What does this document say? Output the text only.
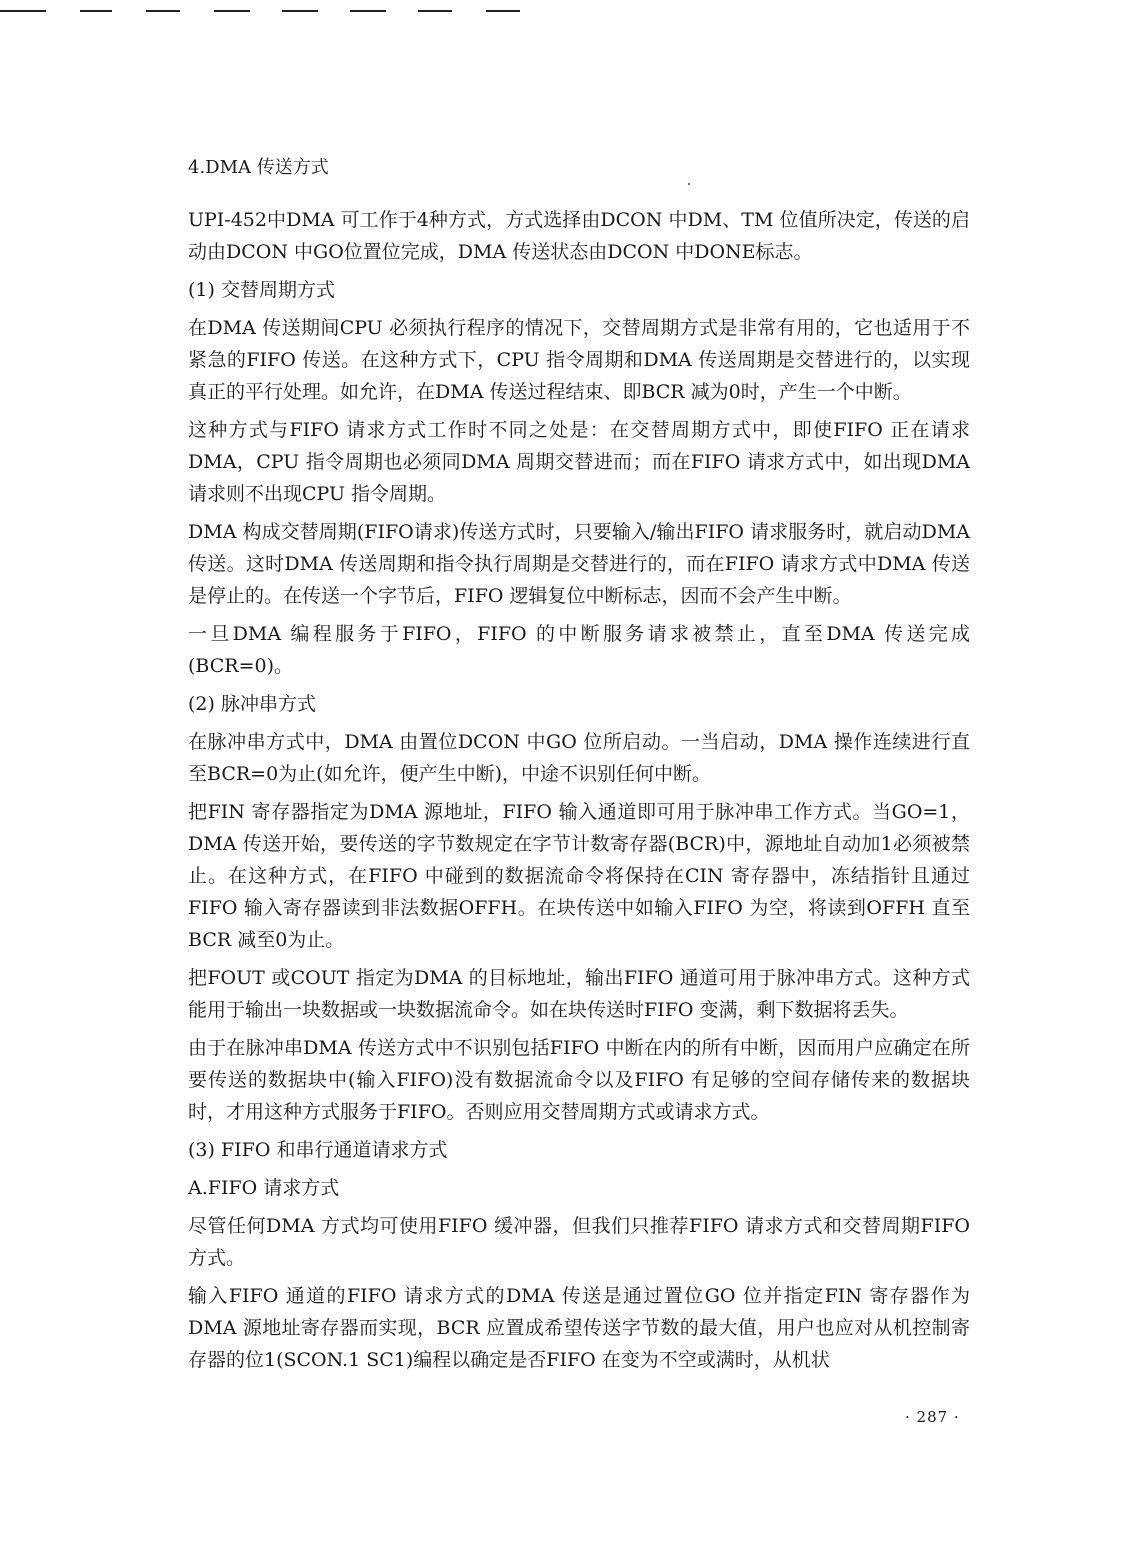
4.DMA 传送方式

UPI-452中DMA 可工作于4种方式，方式选择由DCON 中DM、TM 位值所决定，传送的启动由DCON 中GO位置位完成，DMA 传送状态由DCON 中DONE标志。

(1) 交替周期方式

在DMA 传送期间CPU 必须执行程序的情况下，交替周期方式是非常有用的，它也适用于不紧急的FIFO 传送。在这种方式下，CPU 指令周期和DMA 传送周期是交替进行的，以实现真正的平行处理。如允许，在DMA 传送过程结束、即BCR 减为0时，产生一个中断。

这种方式与FIFO 请求方式工作时不同之处是：在交替周期方式中，即使FIFO 正在请求DMA，CPU 指令周期也必须同DMA 周期交替进而；而在FIFO 请求方式中，如出现DMA 请求则不出现CPU 指令周期。

DMA 构成交替周期(FIFO请求)传送方式时，只要输入/输出FIFO 请求服务时，就启动DMA 传送。这时DMA 传送周期和指令执行周期是交替进行的，而在FIFO 请求方式中DMA 传送是停止的。在传送一个字节后，FIFO 逻辑复位中断标志，因而不会产生中断。

一旦DMA 编程服务于FIFO，FIFO 的中断服务请求被禁止，直至DMA 传送完成(BCR=0)。

(2) 脉冲串方式

在脉冲串方式中，DMA 由置位DCON 中GO 位所启动。一当启动，DMA 操作连续进行直至BCR=0为止(如允许，便产生中断)，中途不识别任何中断。

把FIN 寄存器指定为DMA 源地址，FIFO 输入通道即可用于脉冲串工作方式。当GO=1，DMA 传送开始，要传送的字节数规定在字节计数寄存器(BCR)中，源地址自动加1必须被禁止。在这种方式，在FIFO 中碰到的数据流命令将保持在CIN 寄存器中，冻结指针且通过FIFO 输入寄存器读到非法数据OFFH。在块传送中如输入FIFO 为空，将读到OFFH 直至BCR 减至0为止。

把FOUT 或COUT 指定为DMA 的目标地址，输出FIFO 通道可用于脉冲串方式。这种方式能用于输出一块数据或一块数据流命令。如在块传送时FIFO 变满，剩下数据将丢失。

由于在脉冲串DMA 传送方式中不识别包括FIFO 中断在内的所有中断，因而用户应确定在所要传送的数据块中(输入FIFO)没有数据流命令以及FIFO 有足够的空间存储传来的数据块时，才用这种方式服务于FIFO。否则应用交替周期方式或请求方式。

(3) FIFO 和串行通道请求方式

A.FIFO 请求方式

尽管任何DMA 方式均可使用FIFO 缓冲器，但我们只推荐FIFO 请求方式和交替周期FIFO 方式。

输入FIFO 通道的FIFO 请求方式的DMA 传送是通过置位GO 位并指定FIN 寄存器作为DMA 源地址寄存器而实现，BCR 应置成希望传送字节数的最大值，用户也应对从机控制寄存器的位1(SCON.1 SC1)编程以确定是否FIFO 在变为不空或满时，从机状

· 287 ·
